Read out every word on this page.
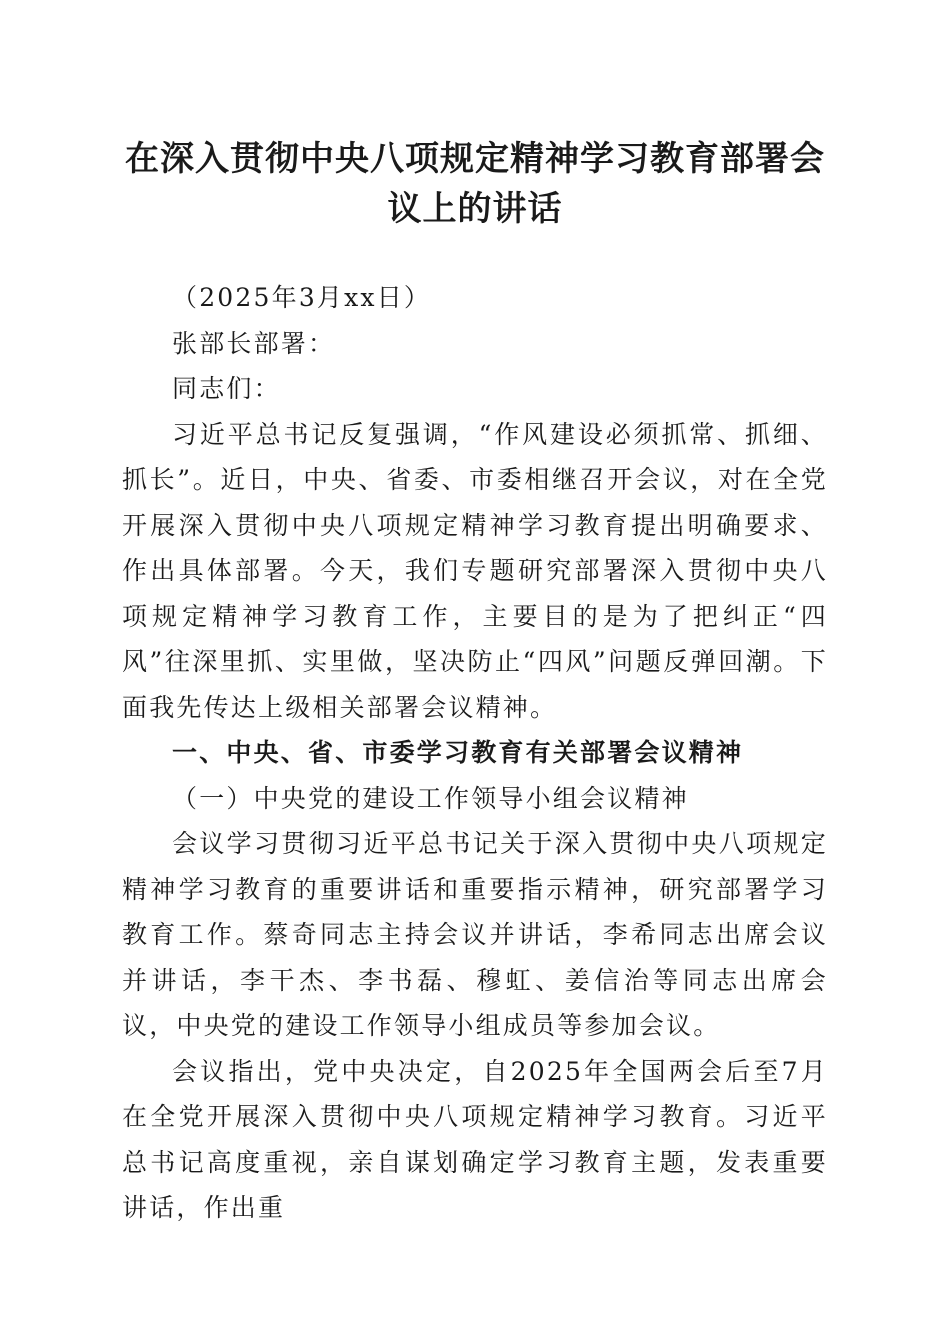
在深入贯彻中央八项规定精神学习教育部署会议上的讲话

（2025年3月xx日）

张部长部署：

同志们：

习近平总书记反复强调，“作风建设必须抓常、抓细、抓长”。近日，中央、省委、市委相继召开会议，对在全党开展深入贯彻中央八项规定精神学习教育提出明确要求、作出具体部署。今天，我们专题研究部署深入贯彻中央八项规定精神学习教育工作，主要目的是为了把纠正“四风”往深里抓、实里做，坚决防止“四风”问题反弹回潮。下面我先传达上级相关部署会议精神。

一、中央、省、市委学习教育有关部署会议精神

（一）中央党的建设工作领导小组会议精神

会议学习贯彻习近平总书记关于深入贯彻中央八项规定精神学习教育的重要讲话和重要指示精神，研究部署学习教育工作。蔡奇同志主持会议并讲话，李希同志出席会议并讲话，李干杰、李书磊、穆虹、姜信治等同志出席会议，中央党的建设工作领导小组成员等参加会议。

会议指出，党中央决定，自2025年全国两会后至7月在全党开展深入贯彻中央八项规定精神学习教育。习近平总书记高度重视，亲自谋划确定学习教育主题，发表重要讲话，作出重
